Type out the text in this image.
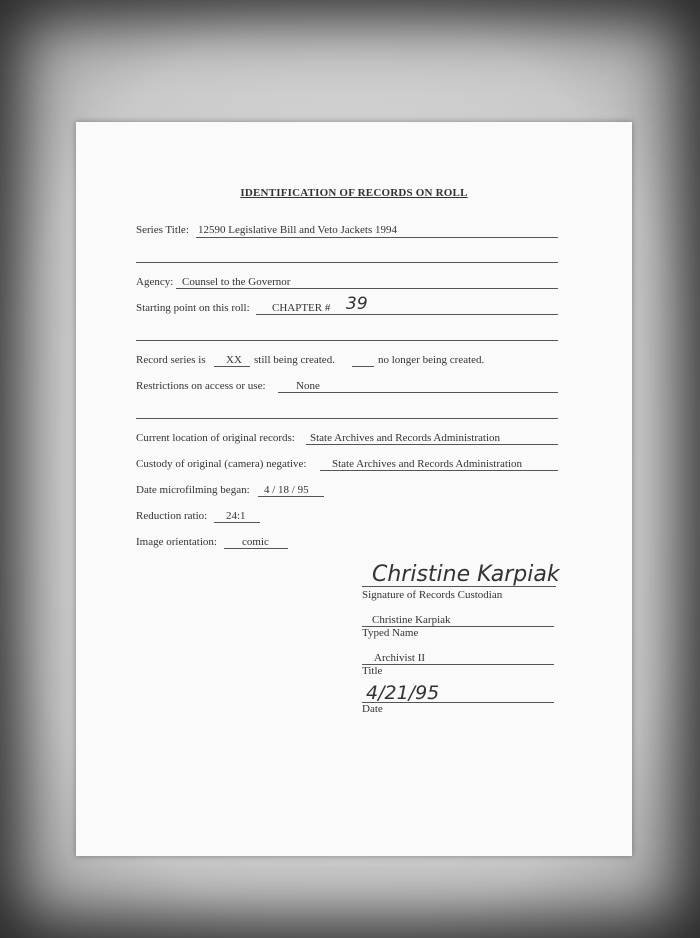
IDENTIFICATION OF RECORDS ON ROLL
Series Title: 12590 Legislative Bill and Veto Jackets 1994
Agency: Counsel to the Governor
Starting point on this roll: CHAPTER # 39
Record series is XX still being created.	no longer being created.
Restrictions on access or use:	None
Current location of original records: State Archives and Records Administration
Custody of original (camera) negative: State Archives and Records Administration
Date microfilming began: 4 / 18 / 95
Reduction ratio: 24:1
Image orientation: comic
Christine Karpiak
Signature of Records Custodian
Christine Karpiak
Typed Name
Archivist II
Title
4/21/95
Date
